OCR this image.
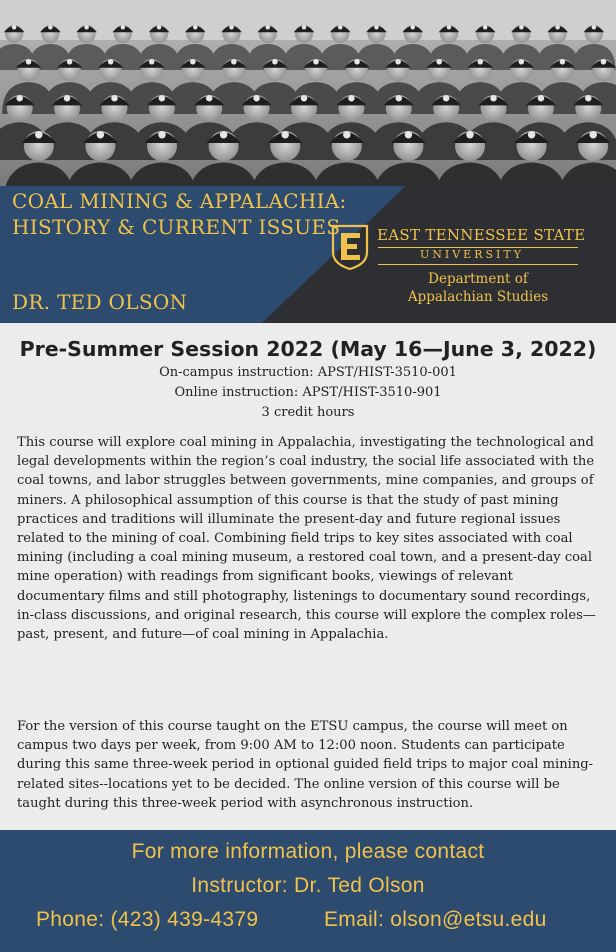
COAL MINING & APPALACHIA: HISTORY & CURRENT ISSUES
DR. TED OLSON
EAST TENNESSEE STATE
UNIVERSITY
Department of
Appalachian Studies
Pre-Summer Session 2022 (May 16—June 3, 2022)
On-campus instruction: APST/HIST-3510-001
Online instruction: APST/HIST-3510-901
3 credit hours
This course will explore coal mining in Appalachia, investigating the technological and legal developments within the region’s coal industry, the social life associated with the coal towns, and labor struggles between governments, mine companies, and groups of miners. A philosophical assumption of this course is that the study of past mining practices and traditions will illuminate the present-day and future regional issues related to the mining of coal. Combining field trips to key sites associated with coal mining (including a coal mining museum, a restored coal town, and a present-day coal mine operation) with readings from significant books, viewings of relevant documentary films and still photography, listenings to documentary sound recordings, in-class discussions, and original research, this course will explore the complex roles—past, present, and future—of coal mining in Appalachia.
For the version of this course taught on the ETSU campus, the course will meet on campus two days per week, from 9:00 AM to 12:00 noon. Students can participate during this same three-week period in optional guided field trips to major coal mining-related sites--locations yet to be decided. The online version of this course will be taught during this three-week period with asynchronous instruction.
For more information, please contact
Instructor: Dr. Ted Olson
Phone: (423) 439-4379	Email: olson@etsu.edu
